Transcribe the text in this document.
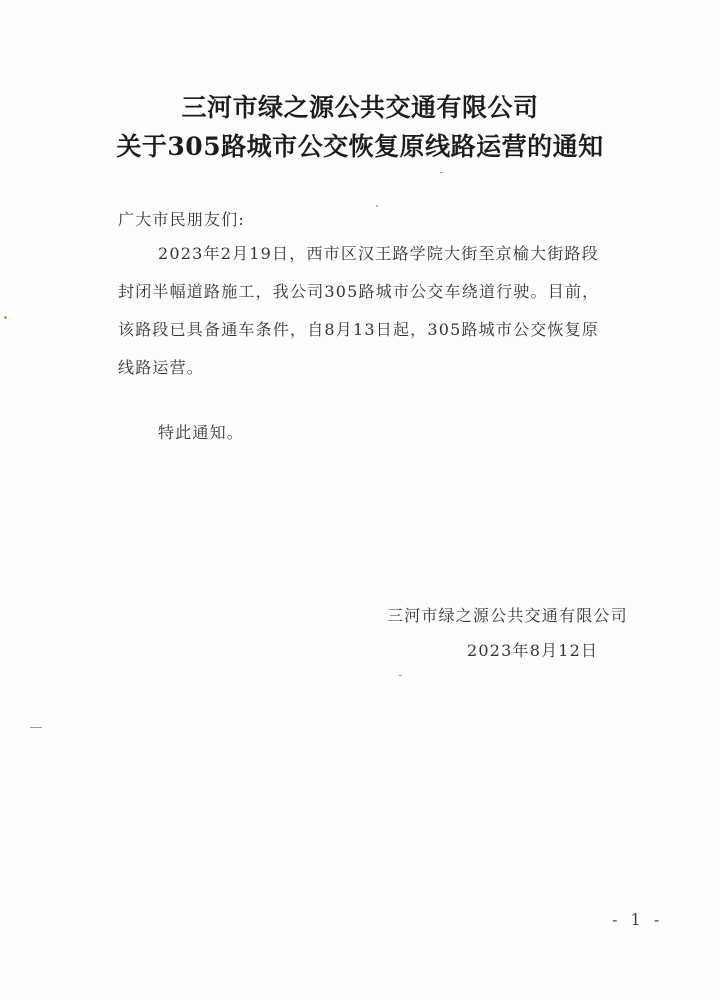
三河市绿之源公共交通有限公司
关于305路城市公交恢复原线路运营的通知
广大市民朋友们:
2023年2月19日，西市区汉王路学院大街至京榆大街路段
封闭半幅道路施工，我公司305路城市公交车绕道行驶。目前，
该路段已具备通车条件，自8月13日起，305路城市公交恢复原
线路运营。
特此通知。
三河市绿之源公共交通有限公司
2023年8月12日
- 1 -
